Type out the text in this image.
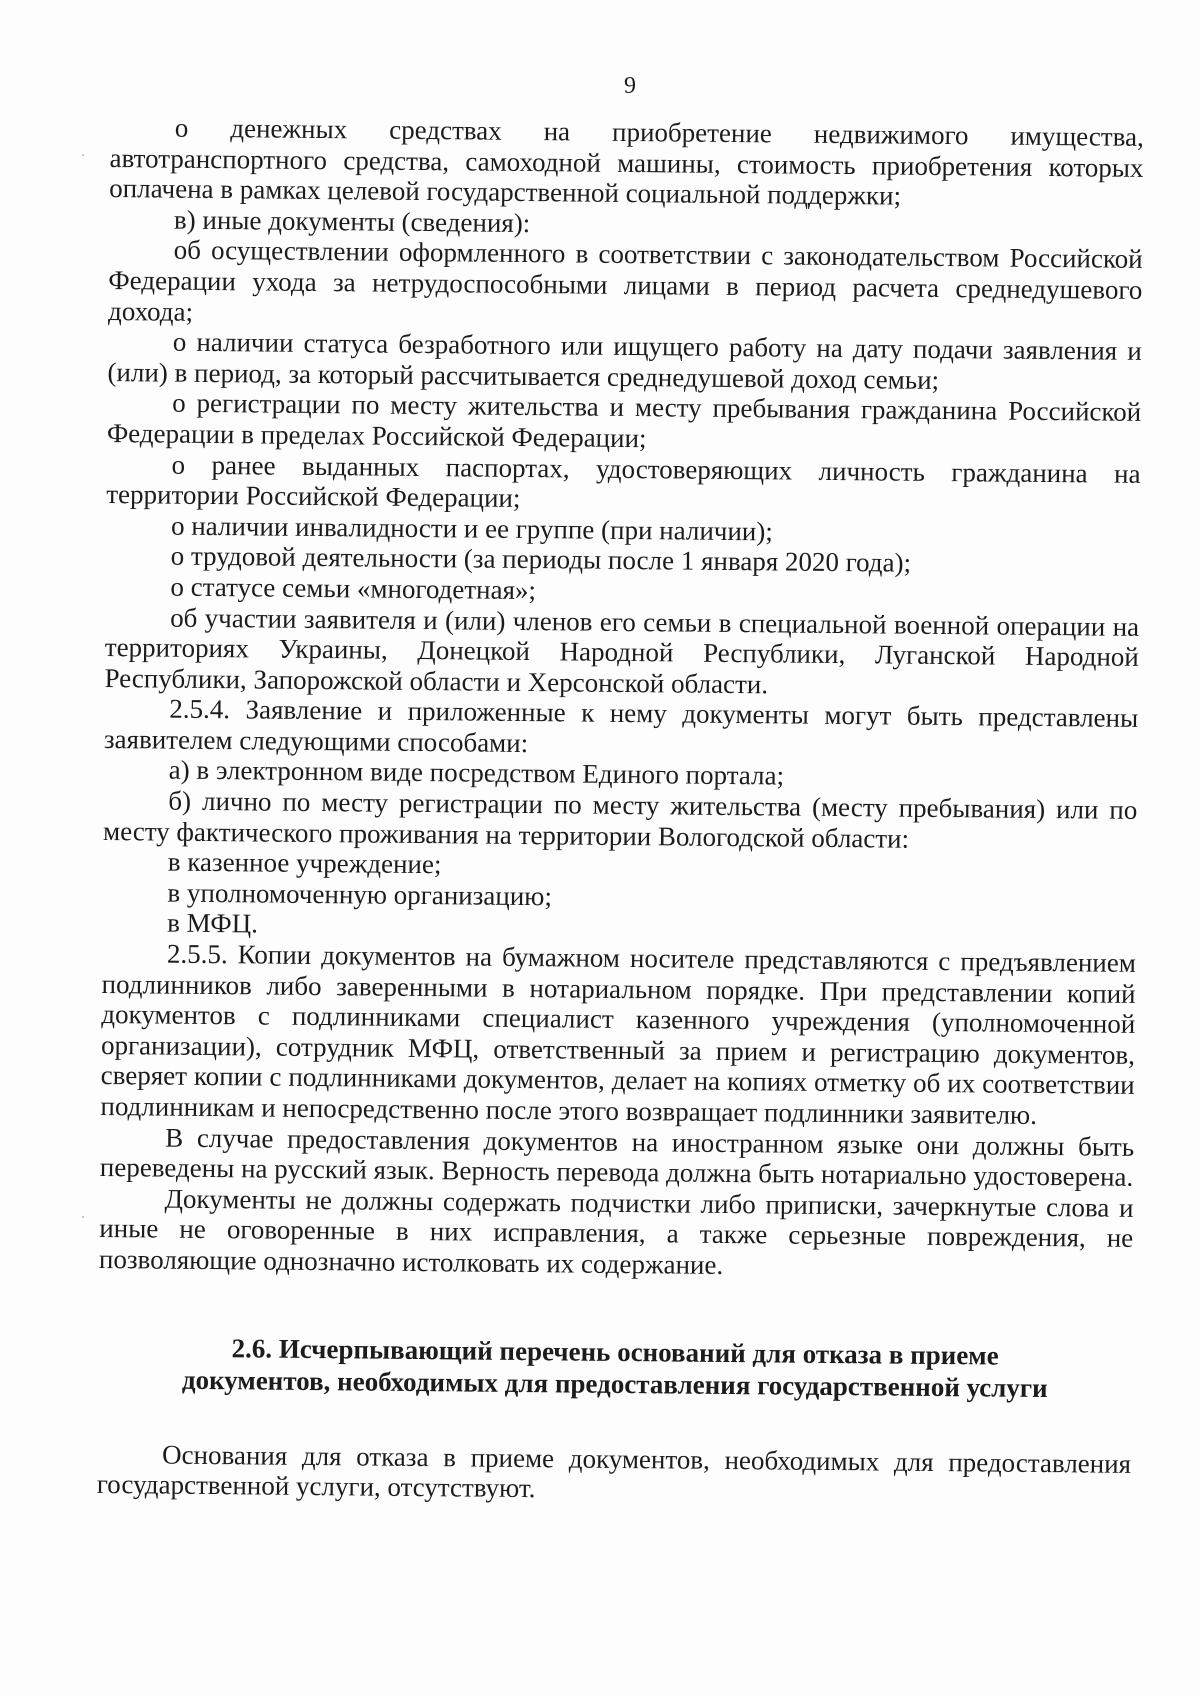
9

о денежных средствах на приобретение недвижимого имущества, автотранспортного средства, самоходной машины, стоимость приобретения которых оплачена в рамках целевой государственной социальной поддержки;

в) иные документы (сведения):

об осуществлении оформленного в соответствии с законодательством Российской Федерации ухода за нетрудоспособными лицами в период расчета среднедушевого дохода;

о наличии статуса безработного или ищущего работу на дату подачи заявления и (или) в период, за который рассчитывается среднедушевой доход семьи;

о регистрации по месту жительства и месту пребывания гражданина Российской Федерации в пределах Российской Федерации;

о ранее выданных паспортах, удостоверяющих личность гражданина на территории Российской Федерации;

о наличии инвалидности и ее группе (при наличии);

о трудовой деятельности (за периоды после 1 января 2020 года);

о статусе семьи «многодетная»;

об участии заявителя и (или) членов его семьи в специальной военной операции на территориях Украины, Донецкой Народной Республики, Луганской Народной Республики, Запорожской области и Херсонской области.

2.5.4. Заявление и приложенные к нему документы могут быть представлены заявителем следующими способами:

а) в электронном виде посредством Единого портала;

б) лично по месту регистрации по месту жительства (месту пребывания) или по месту фактического проживания на территории Вологодской области:

в казенное учреждение;

в уполномоченную организацию;

в МФЦ.

2.5.5. Копии документов на бумажном носителе представляются с предъявлением подлинников либо заверенными в нотариальном порядке. При представлении копий документов с подлинниками специалист казенного учреждения (уполномоченной организации), сотрудник МФЦ, ответственный за прием и регистрацию документов, сверяет копии с подлинниками документов, делает на копиях отметку об их соответствии подлинникам и непосредственно после этого возвращает подлинники заявителю.

В случае предоставления документов на иностранном языке они должны быть переведены на русский язык. Верность перевода должна быть нотариально удостоверена.

Документы не должны содержать подчистки либо приписки, зачеркнутые слова и иные не оговоренные в них исправления, а также серьезные повреждения, не позволяющие однозначно истолковать их содержание.

2.6. Исчерпывающий перечень оснований для отказа в приеме
документов, необходимых для предоставления государственной услуги

Основания для отказа в приеме документов, необходимых для предоставления государственной услуги, отсутствуют.
